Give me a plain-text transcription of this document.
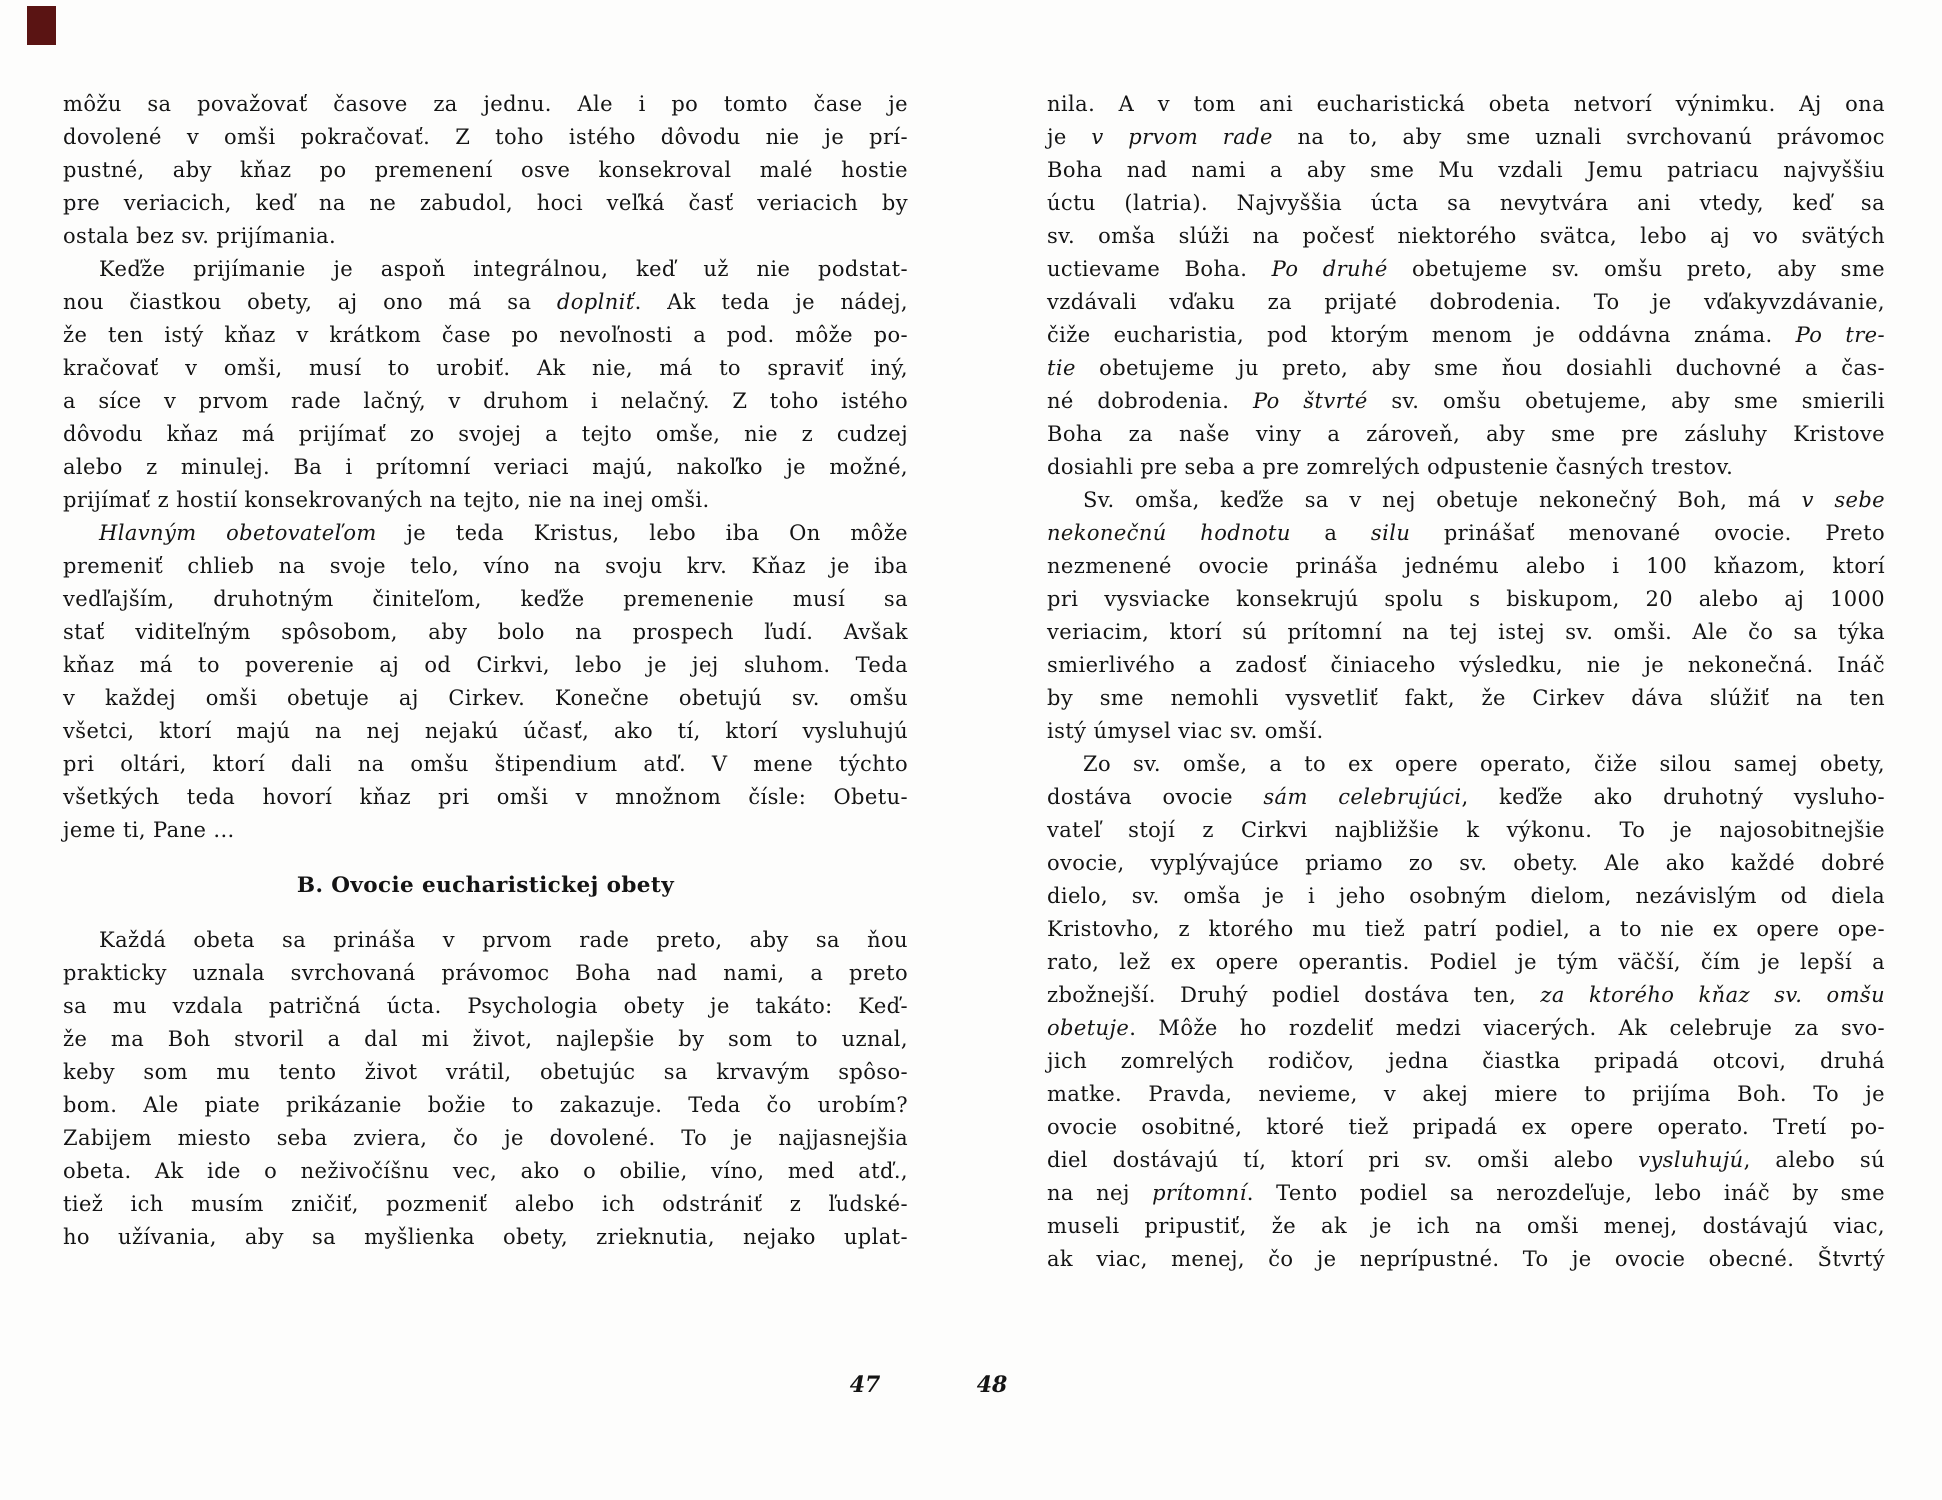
môžu sa považovať časove za jednu. Ale i po tomto čase je
dovolené v omši pokračovať. Z toho istého dôvodu nie je prí-
pustné, aby kňaz po premenení osve konsekroval malé hostie
pre veriacich, keď na ne zabudol, hoci veľká časť veriacich by
ostala bez sv. prijímania.
Keďže prijímanie je aspoň integrálnou, keď už nie podstat-
nou čiastkou obety, aj ono má sa doplniť. Ak teda je nádej,
že ten istý kňaz v krátkom čase po nevoľnosti a pod. môže po-
kračovať v omši, musí to urobiť. Ak nie, má to spraviť iný,
a síce v prvom rade lačný, v druhom i nelačný. Z toho istého
dôvodu kňaz má prijímať zo svojej a tejto omše, nie z cudzej
alebo z minulej. Ba i prítomní veriaci majú, nakoľko je možné,
prijímať z hostií konsekrovaných na tejto, nie na inej omši.
Hlavným obetovateľom je teda Kristus, lebo iba On môže
premeniť chlieb na svoje telo, víno na svoju krv. Kňaz je iba
vedľajším, druhotným činiteľom, keďže premenenie musí sa
stať viditeľným spôsobom, aby bolo na prospech ľudí. Avšak
kňaz má to poverenie aj od Cirkvi, lebo je jej sluhom. Teda
v každej omši obetuje aj Cirkev. Konečne obetujú sv. omšu
všetci, ktorí majú na nej nejakú účasť, ako tí, ktorí vysluhujú
pri oltári, ktorí dali na omšu štipendium atď. V mene týchto
všetkých teda hovorí kňaz pri omši v množnom čísle: Obetu-
jeme ti, Pane ...
B. Ovocie eucharistickej obety
Každá obeta sa prináša v prvom rade preto, aby sa ňou
prakticky uznala svrchovaná právomoc Boha nad nami, a preto
sa mu vzdala patričná úcta. Psychologia obety je takáto: Keď-
že ma Boh stvoril a dal mi život, najlepšie by som to uznal,
keby som mu tento život vrátil, obetujúc sa krvavým spôso-
bom. Ale piate prikázanie božie to zakazuje. Teda čo urobím?
Zabijem miesto seba zviera, čo je dovolené. To je najjasnejšia
obeta. Ak ide o neživočíšnu vec, ako o obilie, víno, med atď.,
tiež ich musím zničiť, pozmeniť alebo ich odstrániť z ľudské-
ho užívania, aby sa myšlienka obety, zrieknutia, nejako uplat-
nila. A v tom ani eucharistická obeta netvorí výnimku. Aj ona
je v prvom rade na to, aby sme uznali svrchovanú právomoc
Boha nad nami a aby sme Mu vzdali Jemu patriacu najvyššiu
úctu (latria). Najvyššia úcta sa nevytvára ani vtedy, keď sa
sv. omša slúži na počesť niektorého svätca, lebo aj vo svätých
uctievame Boha. Po druhé obetujeme sv. omšu preto, aby sme
vzdávali vďaku za prijaté dobrodenia. To je vďakyvzdávanie,
čiže eucharistia, pod ktorým menom je oddávna známa. Po tre-
tie obetujeme ju preto, aby sme ňou dosiahli duchovné a čas-
né dobrodenia. Po štvrté sv. omšu obetujeme, aby sme smierili
Boha za naše viny a zároveň, aby sme pre zásluhy Kristove
dosiahli pre seba a pre zomrelých odpustenie časných trestov.
Sv. omša, keďže sa v nej obetuje nekonečný Boh, má v sebe
nekonečnú hodnotu a silu prinášať menované ovocie. Preto
nezmenené ovocie prináša jednému alebo i 100 kňazom, ktorí
pri vysviacke konsekrujú spolu s biskupom, 20 alebo aj 1000
veriacim, ktorí sú prítomní na tej istej sv. omši. Ale čo sa týka
smierlivého a zadosť činiaceho výsledku, nie je nekonečná. Ináč
by sme nemohli vysvetliť fakt, že Cirkev dáva slúžiť na ten
istý úmysel viac sv. omší.
Zo sv. omše, a to ex opere operato, čiže silou samej obety,
dostáva ovocie sám celebrujúci, keďže ako druhotný vysluho-
vateľ stojí z Cirkvi najbližšie k výkonu. To je najosobitnejšie
ovocie, vyplývajúce priamo zo sv. obety. Ale ako každé dobré
dielo, sv. omša je i jeho osobným dielom, nezávislým od diela
Kristovho, z ktorého mu tiež patrí podiel, a to nie ex opere ope-
rato, lež ex opere operantis. Podiel je tým väčší, čím je lepší a
zbožnejší. Druhý podiel dostáva ten, za ktorého kňaz sv. omšu
obetuje. Môže ho rozdeliť medzi viacerých. Ak celebruje za svo-
jich zomrelých rodičov, jedna čiastka pripadá otcovi, druhá
matke. Pravda, nevieme, v akej miere to prijíma Boh. To je
ovocie osobitné, ktoré tiež pripadá ex opere operato. Tretí po-
diel dostávajú tí, ktorí pri sv. omši alebo vysluhujú, alebo sú
na nej prítomní. Tento podiel sa nerozdeľuje, lebo ináč by sme
museli pripustiť, že ak je ich na omši menej, dostávajú viac,
ak viac, menej, čo je neprípustné. To je ovocie obecné. Štvrtý
47	48
